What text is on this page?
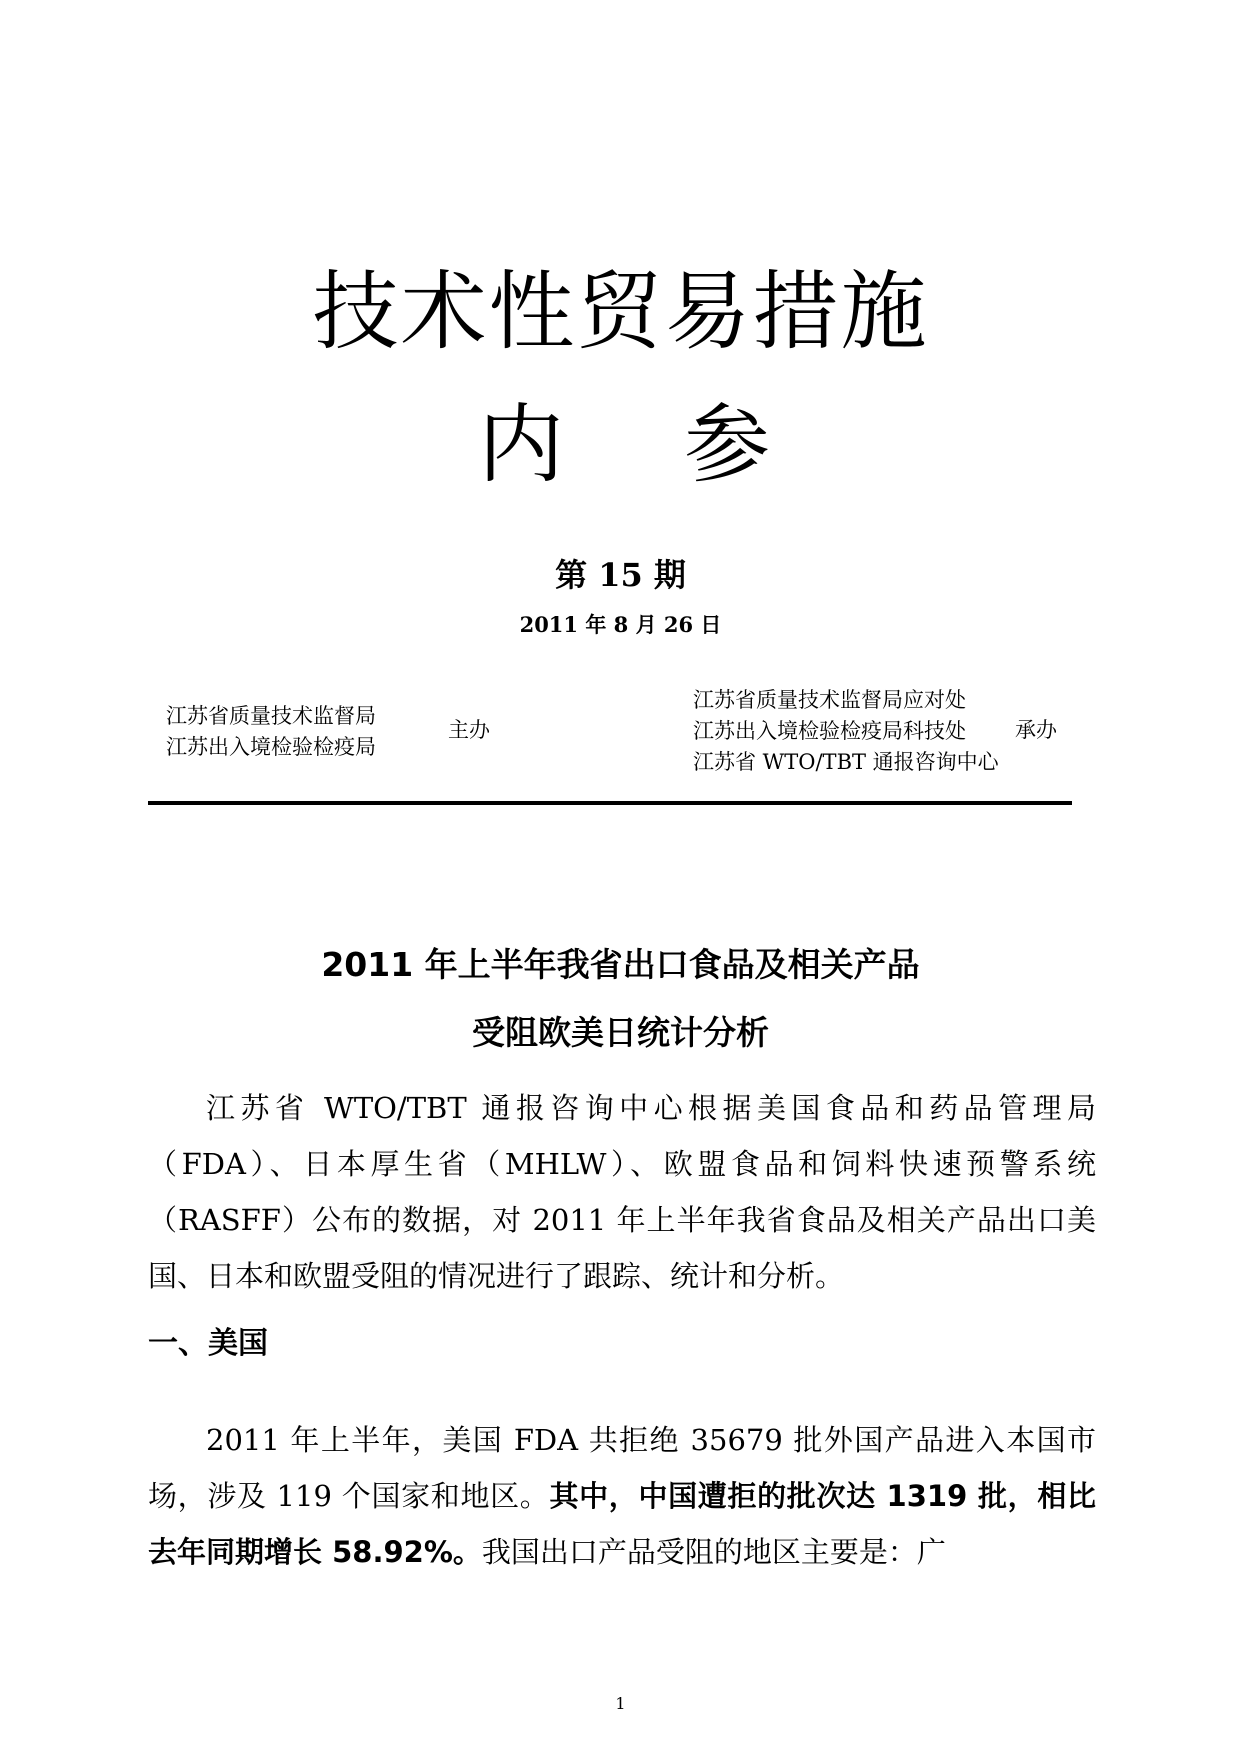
技术性贸易措施
内 参
第 15 期
2011 年 8 月 26 日
江苏省质量技术监督局
江苏出入境检验检疫局
主办
江苏省质量技术监督局应对处
江苏出入境检验检疫局科技处
江苏省 WTO/TBT 通报咨询中心
承办
2011 年上半年我省出口食品及相关产品
受阻欧美日统计分析
江苏省 WTO/TBT 通报咨询中心根据美国食品和药品管理局（FDA）、日本厚生省（MHLW）、欧盟食品和饲料快速预警系统（RASFF）公布的数据，对 2011 年上半年我省食品及相关产品出口美国、日本和欧盟受阻的情况进行了跟踪、统计和分析。
一、美国
2011 年上半年，美国 FDA 共拒绝 35679 批外国产品进入本国市场，涉及 119 个国家和地区。其中，中国遭拒的批次达 1319 批，相比去年同期增长 58.92%。我国出口产品受阻的地区主要是：广
1
